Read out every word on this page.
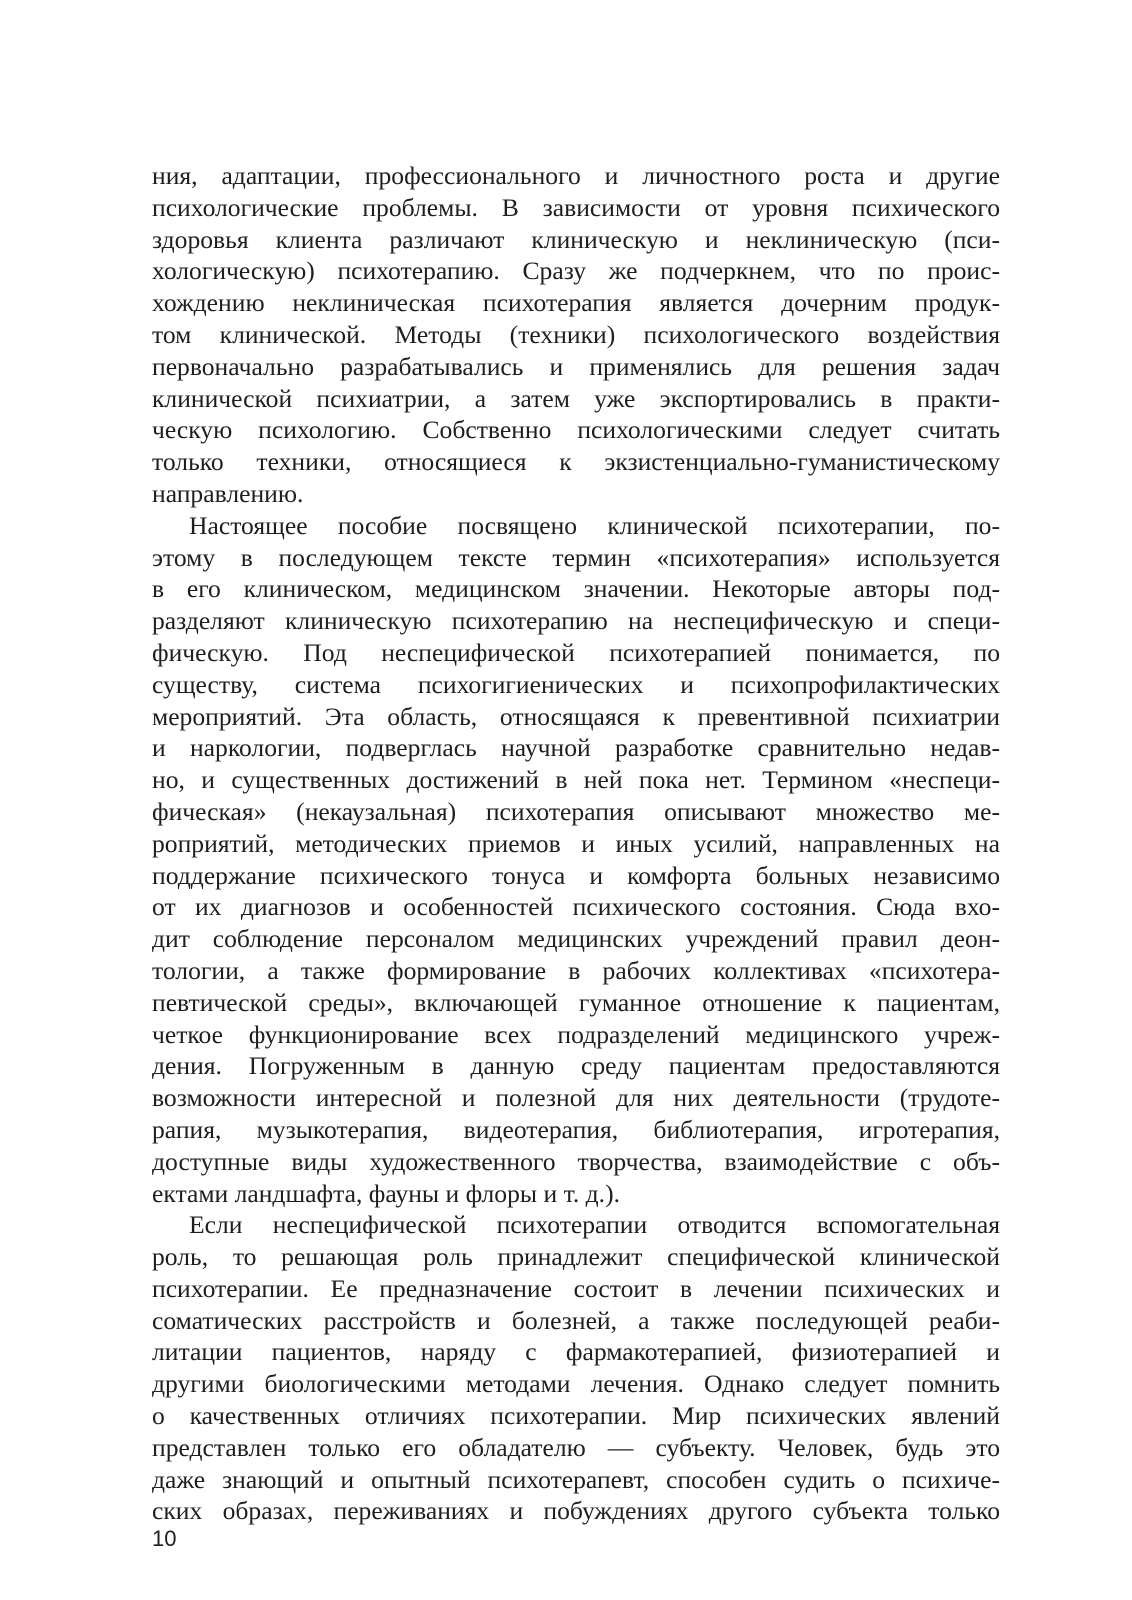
ния, адаптации, профессионального и личностного роста и другие
психологические проблемы. В зависимости от уровня психического
здоровья клиента различают клиническую и неклиническую (пси-
хологическую) психотерапию. Сразу же подчеркнем, что по проис-
хождению неклиническая психотерапия является дочерним продук-
том клинической. Методы (техники) психологического воздействия
первоначально разрабатывались и применялись для решения задач
клинической психиатрии, а затем уже экспортировались в практи-
ческую психологию. Собственно психологическими следует считать
только техники, относящиеся к экзистенциально-гуманистическому
направлению.
Настоящее пособие посвящено клинической психотерапии, по-
этому в последующем тексте термин «психотерапия» используется
в его клиническом, медицинском значении. Некоторые авторы под-
разделяют клиническую психотерапию на неспецифическую и специ-
фическую. Под неспецифической психотерапией понимается, по
существу, система психогигиенических и психопрофилактических
мероприятий. Эта область, относящаяся к превентивной психиатрии
и наркологии, подверглась научной разработке сравнительно недав-
но, и существенных достижений в ней пока нет. Термином «неспеци-
фическая» (некаузальная) психотерапия описывают множество ме-
роприятий, методических приемов и иных усилий, направленных на
поддержание психического тонуса и комфорта больных независимо
от их диагнозов и особенностей психического состояния. Сюда вхо-
дит соблюдение персоналом медицинских учреждений правил деон-
тологии, а также формирование в рабочих коллективах «психотера-
певтической среды», включающей гуманное отношение к пациентам,
четкое функционирование всех подразделений медицинского учреж-
дения. Погруженным в данную среду пациентам предоставляются
возможности интересной и полезной для них деятельности (трудоте-
рапия, музыкотерапия, видеотерапия, библиотерапия, игротерапия,
доступные виды художественного творчества, взаимодействие с объ-
ектами ландшафта, фауны и флоры и т. д.).
Если неспецифической психотерапии отводится вспомогательная
роль, то решающая роль принадлежит специфической клинической
психотерапии. Ее предназначение состоит в лечении психических и
соматических расстройств и болезней, а также последующей реаби-
литации пациентов, наряду с фармакотерапией, физиотерапией и
другими биологическими методами лечения. Однако следует помнить
о качественных отличиях психотерапии. Мир психических явлений
представлен только его обладателю — субъекту. Человек, будь это
даже знающий и опытный психотерапевт, способен судить о психиче-
ских образах, переживаниях и побуждениях другого субъекта только
10
